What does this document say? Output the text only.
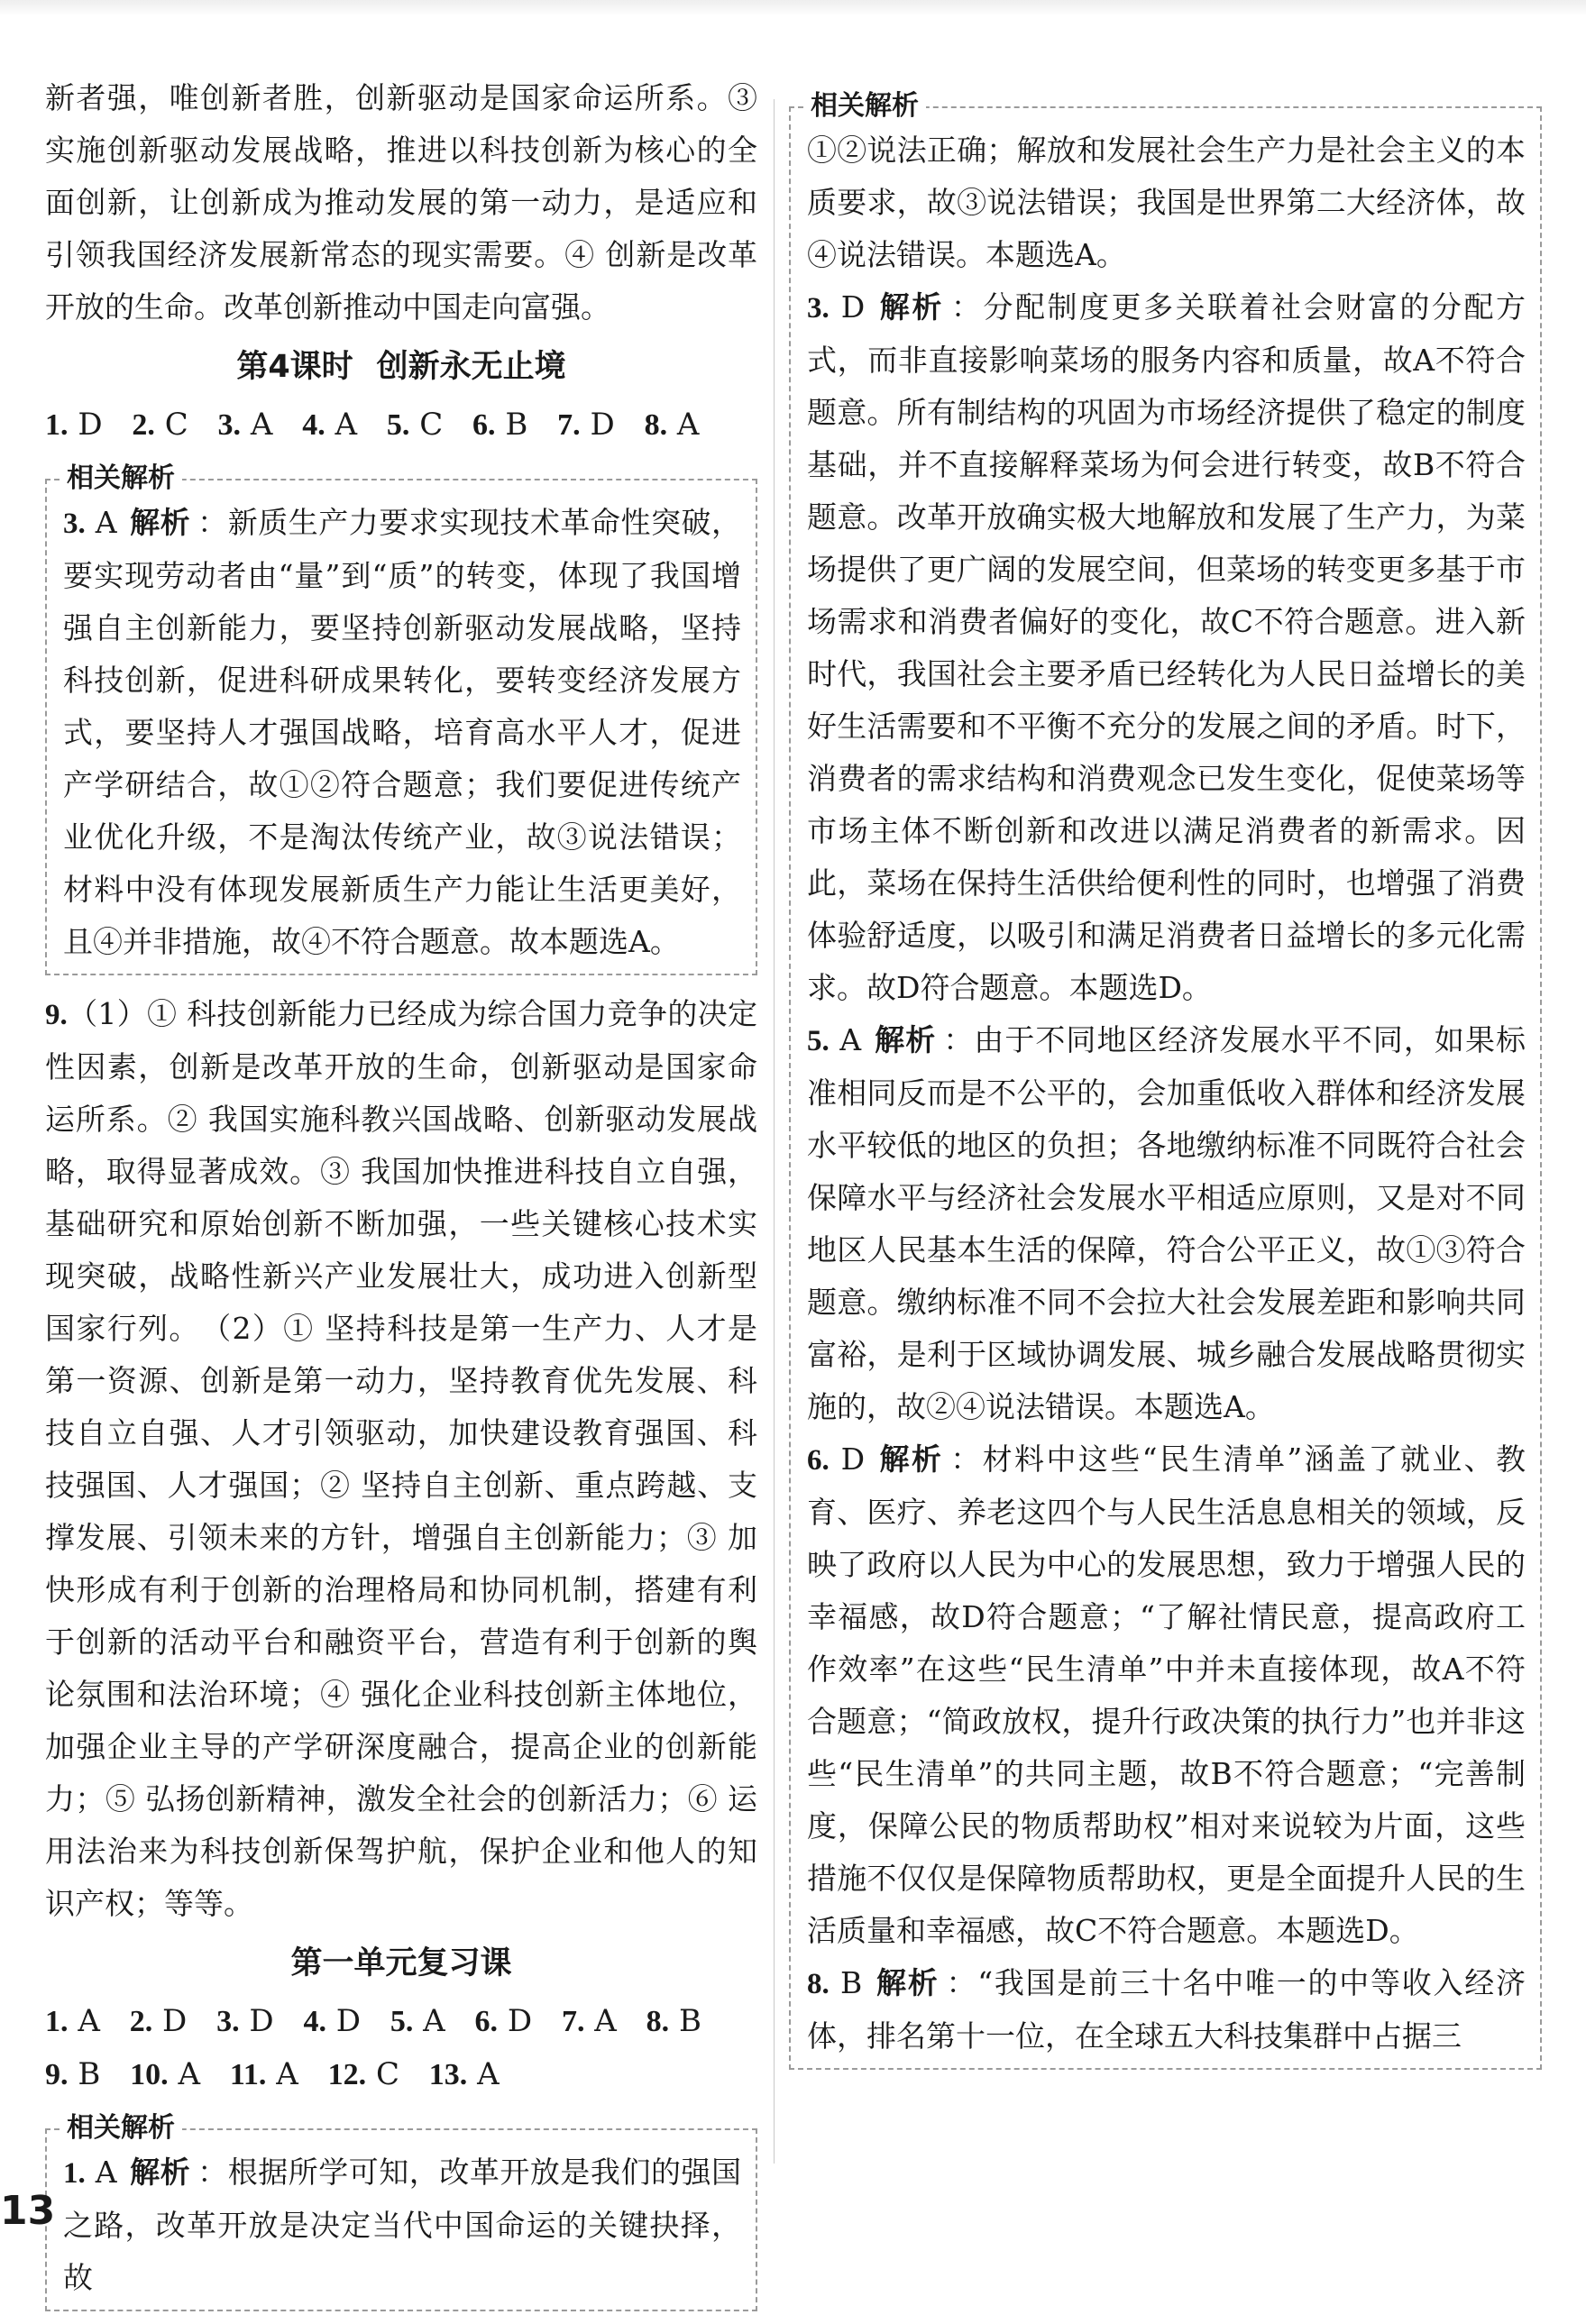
新者强，唯创新者胜，创新驱动是国家命运所系。③ 实施创新驱动发展战略，推进以科技创新为核心的全面创新，让创新成为推动发展的第一动力，是适应和引领我国经济发展新常态的现实需要。④ 创新是改革开放的生命。改革创新推动中国走向富强。

第4课时 创新永无止境
1. D 2. C 3. A 4. A 5. C 6. B 7. D 8. A
相关解析

3. A 解析 ：新质生产力要求实现技术革命性突破，要实现劳动者由“量”到“质”的转变，体现了我国增强自主创新能力，要坚持创新驱动发展战略，坚持科技创新，促进科研成果转化，要转变经济发展方式，要坚持人才强国战略，培育高水平人才，促进产学研结合，故①②符合题意；我们要促进传统产业优化升级，不是淘汰传统产业，故③说法错误；材料中没有体现发展新质生产力能让生活更美好，且④并非措施，故④不符合题意。故本题选A。

9.（1）① 科技创新能力已经成为综合国力竞争的决定性因素，创新是改革开放的生命，创新驱动是国家命运所系。② 我国实施科教兴国战略、创新驱动发展战略，取得显著成效。③ 我国加快推进科技自立自强，基础研究和原始创新不断加强，一些关键核心技术实现突破，战略性新兴产业发展壮大，成功进入创新型国家行列。　（2）① 坚持科技是第一生产力、人才是第一资源、创新是第一动力，坚持教育优先发展、科技自立自强、人才引领驱动，加快建设教育强国、科技强国、人才强国；② 坚持自主创新、重点跨越、支撑发展、引领未来的方针，增强自主创新能力；③ 加快形成有利于创新的治理格局和协同机制，搭建有利于创新的活动平台和融资平台，营造有利于创新的舆论氛围和法治环境；④ 强化企业科技创新主体地位，加强企业主导的产学研深度融合，提高企业的创新能力；⑤ 弘扬创新精神，激发全社会的创新活力；⑥ 运用法治来为科技创新保驾护航，保护企业和他人的知识产权；等等。

第一单元复习课
1. A 2. D 3. D 4. D 5. A 6. D 7. A 8. B
9. B 10. A 11. A 12. C 13. A
相关解析

1. A 解析 ：根据所学可知，改革开放是我们的强国之路，改革开放是决定当代中国命运的关键抉择，故

相关解析

①②说法正确；解放和发展社会生产力是社会主义的本质要求，故③说法错误；我国是世界第二大经济体，故④说法错误。本题选A。

3. D 解析 ：分配制度更多关联着社会财富的分配方式，而非直接影响菜场的服务内容和质量，故A不符合题意。所有制结构的巩固为市场经济提供了稳定的制度基础，并不直接解释菜场为何会进行转变，故B不符合题意。改革开放确实极大地解放和发展了生产力，为菜场提供了更广阔的发展空间，但菜场的转变更多基于市场需求和消费者偏好的变化，故C不符合题意。进入新时代，我国社会主要矛盾已经转化为人民日益增长的美好生活需要和不平衡不充分的发展之间的矛盾。时下，消费者的需求结构和消费观念已发生变化，促使菜场等市场主体不断创新和改进以满足消费者的新需求。因此，菜场在保持生活供给便利性的同时，也增强了消费体验舒适度，以吸引和满足消费者日益增长的多元化需求。故D符合题意。本题选D。

5. A 解析 ：由于不同地区经济发展水平不同，如果标准相同反而是不公平的，会加重低收入群体和经济发展水平较低的地区的负担；各地缴纳标准不同既符合社会保障水平与经济社会发展水平相适应原则，又是对不同地区人民基本生活的保障，符合公平正义，故①③符合题意。缴纳标准不同不会拉大社会发展差距和影响共同富裕，是利于区域协调发展、城乡融合发展战略贯彻实施的，故②④说法错误。本题选A。

6. D 解析 ：材料中这些“民生清单”涵盖了就业、教育、医疗、养老这四个与人民生活息息相关的领域，反映了政府以人民为中心的发展思想，致力于增强人民的幸福感，故D符合题意；“了解社情民意，提高政府工作效率”在这些“民生清单”中并未直接体现，故A不符合题意；“简政放权，提升行政决策的执行力”也并非这些“民生清单”的共同主题，故B不符合题意；“完善制度，保障公民的物质帮助权”相对来说较为片面，这些措施不仅仅是保障物质帮助权，更是全面提升人民的生活质量和幸福感，故C不符合题意。本题选D。

8. B 解析 ：“我国是前三十名中唯一的中等收入经济体，排名第十一位，在全球五大科技集群中占据三

13
